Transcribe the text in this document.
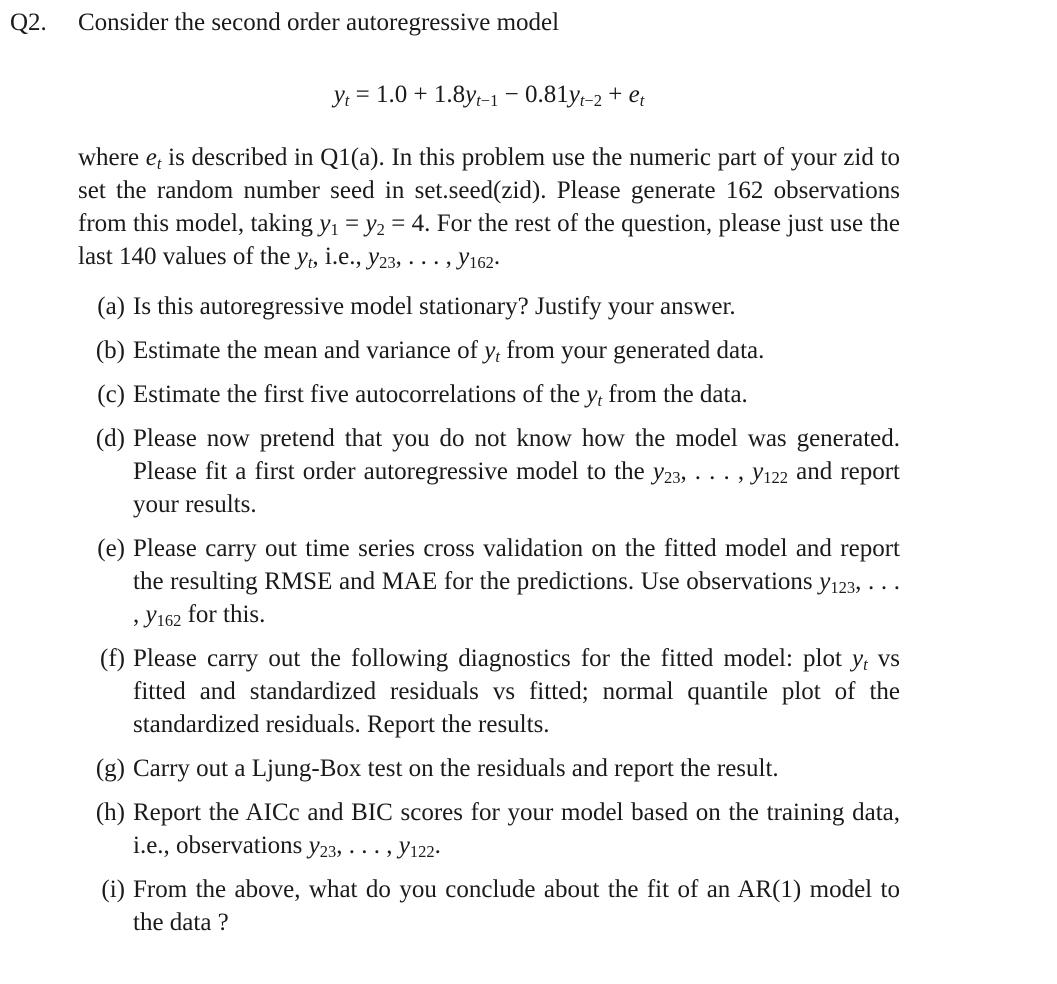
Q2.	Consider the second order autoregressive model
$y_t = 1.0 + 1.8y_{t-1} - 0.81y_{t-2} + e_t$
where $e_t$ is described in Q1(a). In this problem use the numeric part of your zid to set the random number seed in set.seed(zid). Please generate 162 observations from this model, taking $y_1 = y_2 = 4$. For the rest of the question, please just use the last 140 values of the $y_t$, i.e., $y_{23}$, . . . , $y_{162}$.
(a) Is this autoregressive model stationary? Justify your answer.
(b) Estimate the mean and variance of $y_t$ from your generated data.
(c) Estimate the first five autocorrelations of the $y_t$ from the data.
(d) Please now pretend that you do not know how the model was generated. Please fit a first order autoregressive model to the $y_{23}$, . . . , $y_{122}$ and report your results.
(e) Please carry out time series cross validation on the fitted model and report the resulting RMSE and MAE for the predictions. Use observations $y_{123}$, . . . , $y_{162}$ for this.
(f) Please carry out the following diagnostics for the fitted model: plot $y_t$ vs fitted and standardized residuals vs fitted; normal quantile plot of the standardized residuals. Report the results.
(g) Carry out a Ljung-Box test on the residuals and report the result.
(h) Report the AICc and BIC scores for your model based on the training data, i.e., observations $y_{23}$, . . . , $y_{122}$.
(i) From the above, what do you conclude about the fit of an AR(1) model to the data ?
